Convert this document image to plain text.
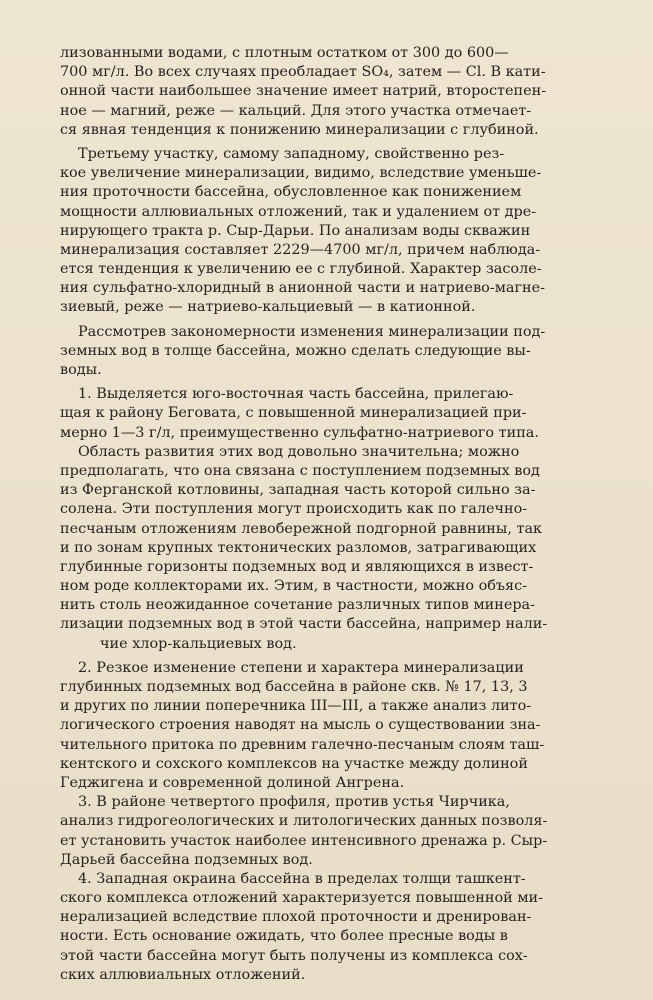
лизованными водами, с плотным остатком от 300 до 600—
700 мг/л. Во всех случаях преобладает SO₄, затем — Cl. В кати-
онной части наибольшее значение имеет натрий, второстепен-
ное — магний, реже — кальций. Для этого участка отмечает-
ся явная тенденция к понижению минерализации с глубиной.
Третьему участку, самому западному, свойственно рез-
кое увеличение минерализации, видимо, вследствие уменьше-
ния проточности бассейна, обусловленное как понижением
мощности аллювиальных отложений, так и удалением от дре-
нирующего тракта р. Сыр-Дарьи. По анализам воды скважин
минерализация составляет 2229—4700 мг/л, причем наблюда-
ется тенденция к увеличению ее с глубиной. Характер засоле-
ния сульфатно-хлоридный в анионной части и натриево-магне-
зиевый, реже — натриево-кальциевый — в катионной.
Рассмотрев закономерности изменения минерализации под-
земных вод в толще бассейна, можно сделать следующие вы-
воды.
1. Выделяется юго-восточная часть бассейна, прилегаю-
щая к району Беговата, с повышенной минерализацией при-
мерно 1—3 г/л, преимущественно сульфатно-натриевого типа.
Область развития этих вод довольно значительна; можно
предполагать, что она связана с поступлением подземных вод
из Ферганской котловины, западная часть которой сильно за-
солена. Эти поступления могут происходить как по галечно-
песчаным отложениям левобережной подгорной равнины, так
и по зонам крупных тектонических разломов, затрагивающих
глубинные горизонты подземных вод и являющихся в извест-
ном роде коллекторами их. Этим, в частности, можно объяс-
нить столь неожиданное сочетание различных типов минера-
лизации подземных вод в этой части бассейна, например нали-
чие хлор-кальциевых вод.
2. Резкое изменение степени и характера минерализации
глубинных подземных вод бассейна в районе скв. № 17, 13, 3
и других по линии поперечника III—III, а также анализ лито-
логического строения наводят на мысль о существовании зна-
чительного притока по древним галечно-песчаным слоям таш-
кентского и сохского комплексов на участке между долиной
Геджигена и современной долиной Ангрена.
3. В районе четвертого профиля, против устья Чирчика,
анализ гидрогеологических и литологических данных позволя-
ет установить участок наиболее интенсивного дренажа р. Сыр-
Дарьей бассейна подземных вод.
4. Западная окраина бассейна в пределах толщи ташкент-
ского комплекса отложений характеризуется повышенной ми-
нерализацией вследствие плохой проточности и дренирован-
ности. Есть основание ожидать, что более пресные воды в
этой части бассейна могут быть получены из комплекса сох-
ских аллювиальных отложений.
